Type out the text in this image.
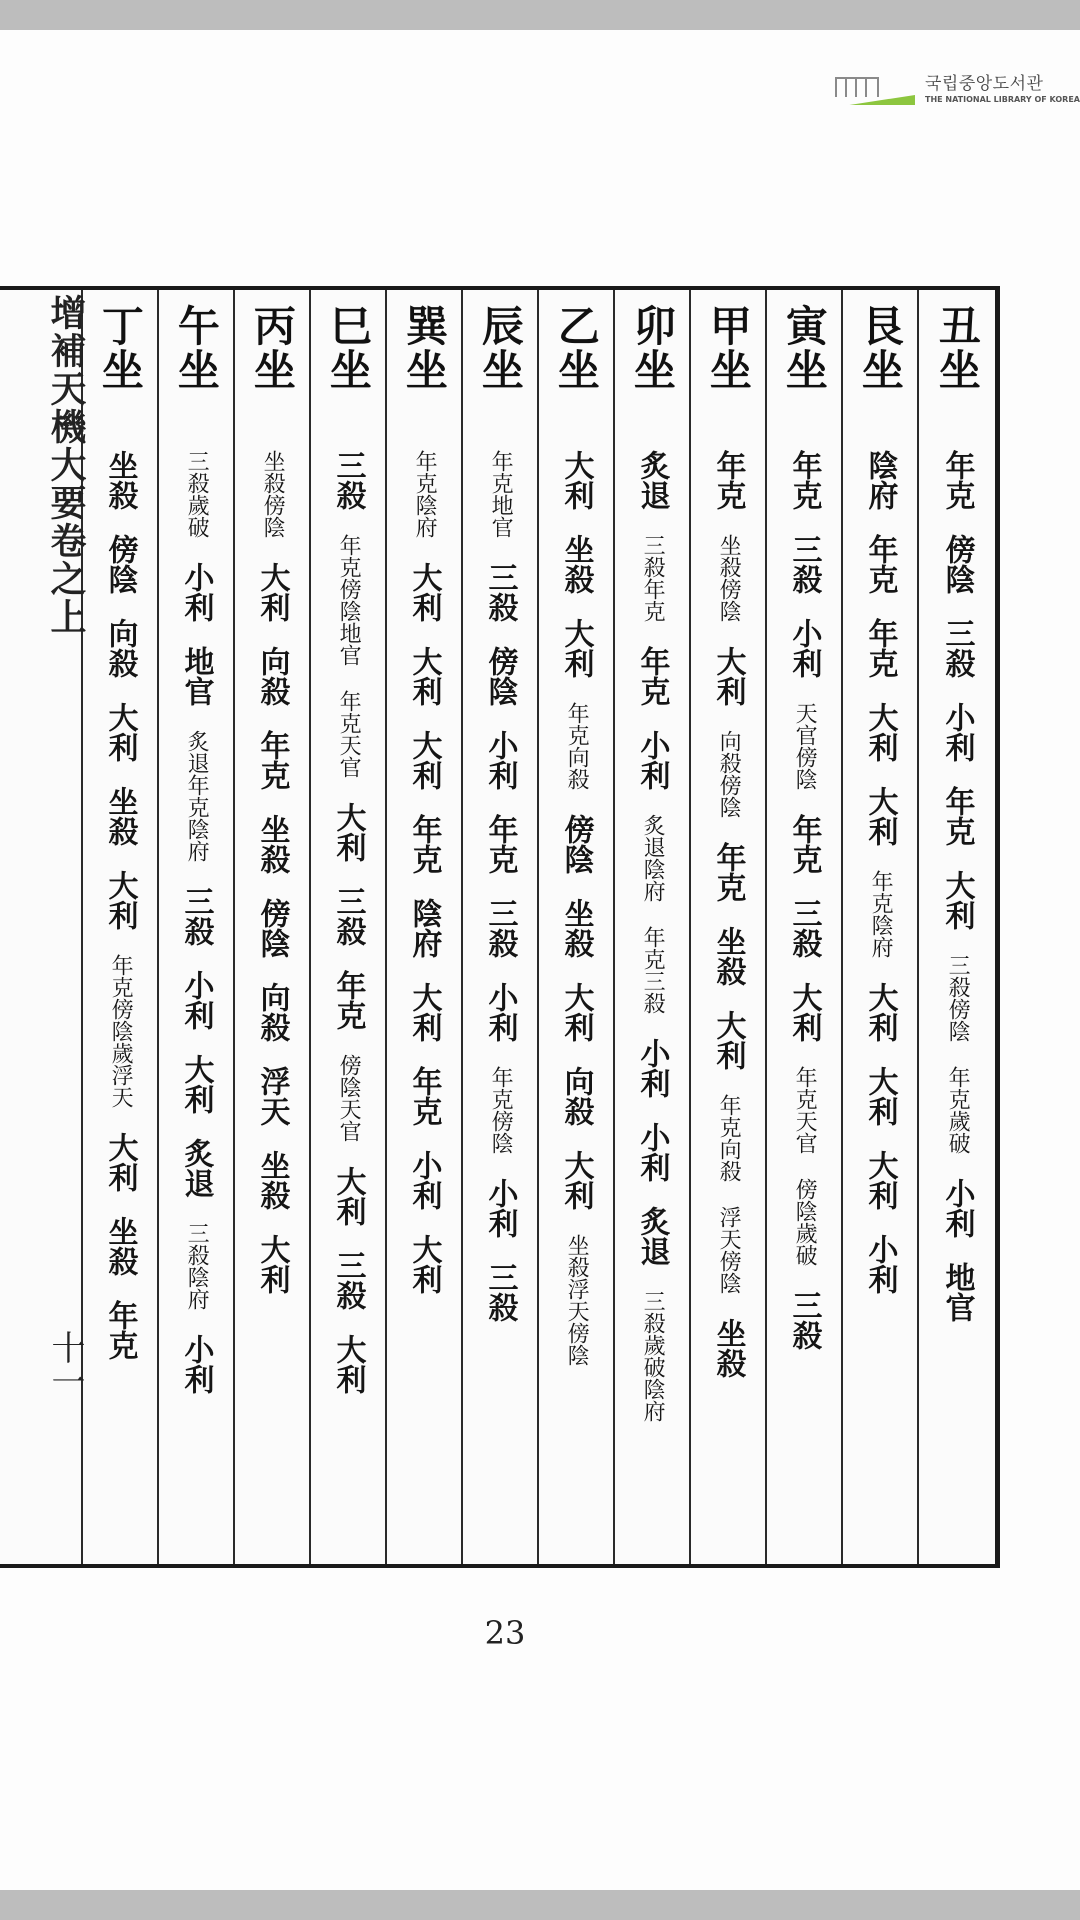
국립중앙도서관
THE NATIONAL LIBRARY OF KOREA
丑坐
年克
傍陰
三殺
小利
年克
大利
三殺傍陰
年克歲破
小利
地官
艮坐
陰府
年克
年克
大利
大利
年克陰府
大利
大利
大利
小利
寅坐
年克
三殺
小利
天官傍陰
年克
三殺
大利
年克天官
傍陰歲破
三殺
甲坐
年克
坐殺傍陰
大利
向殺傍陰
年克
坐殺
大利
年克向殺
浮天傍陰
坐殺
卯坐
炙退
三殺年克
年克
小利
炙退陰府
年克三殺
小利
小利
炙退
三殺歲破陰府
乙坐
大利
坐殺
大利
年克向殺
傍陰
坐殺
大利
向殺
大利
坐殺浮天傍陰
辰坐
年克地官
三殺
傍陰
小利
年克
三殺
小利
年克傍陰
小利
三殺
巽坐
年克陰府
大利
大利
大利
年克
陰府
大利
年克
小利
大利
巳坐
三殺
年克傍陰地官
年克天官
大利
三殺
年克
傍陰天官
大利
三殺
大利
丙坐
坐殺傍陰
大利
向殺
年克
坐殺
傍陰
向殺
浮天
坐殺
大利
午坐
三殺歲破
小利
地官
炙退年克陰府
三殺
小利
大利
炙退
三殺陰府
小利
丁坐
坐殺
傍陰
向殺
大利
坐殺
大利
年克傍陰歲浮天
大利
坐殺
年克
增補天機大要卷之上
十一
23
